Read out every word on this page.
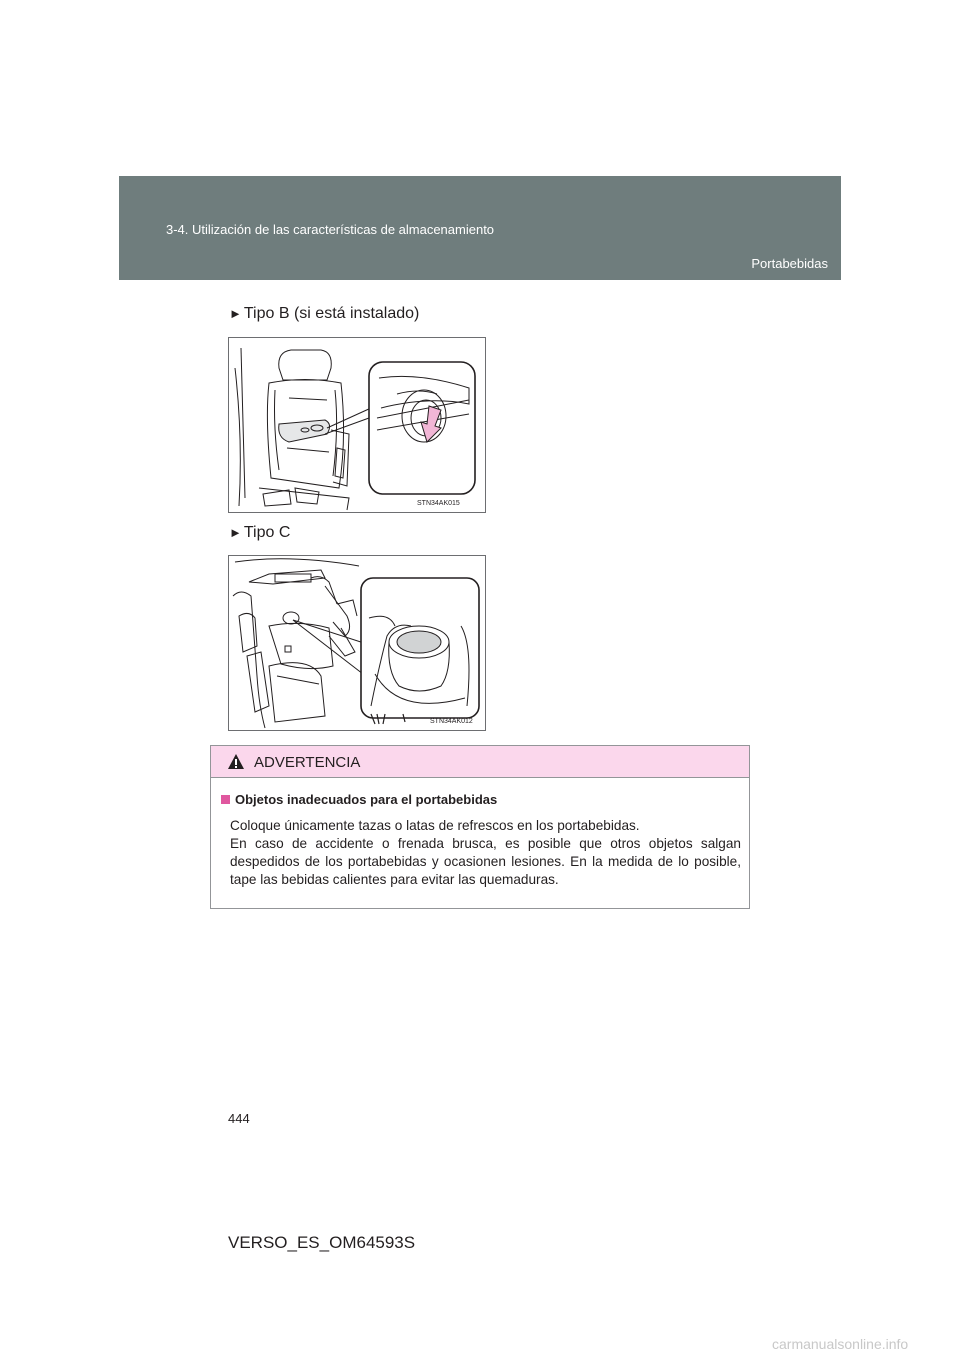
3-4. Utilización de las características de almacenamiento
Portabebidas
► Tipo B (si está instalado)
STN34AK015
► Tipo C
STN34AK012
ADVERTENCIA
Objetos inadecuados para el portabebidas

Coloque únicamente tazas o latas de refrescos en los portabebidas.

En caso de accidente o frenada brusca, es posible que otros objetos salgan despedidos de los portabebidas y ocasionen lesiones. En la medida de lo posible, tape las bebidas calientes para evitar las quemaduras.

444
VERSO_ES_OM64593S
carmanualsonline.info
